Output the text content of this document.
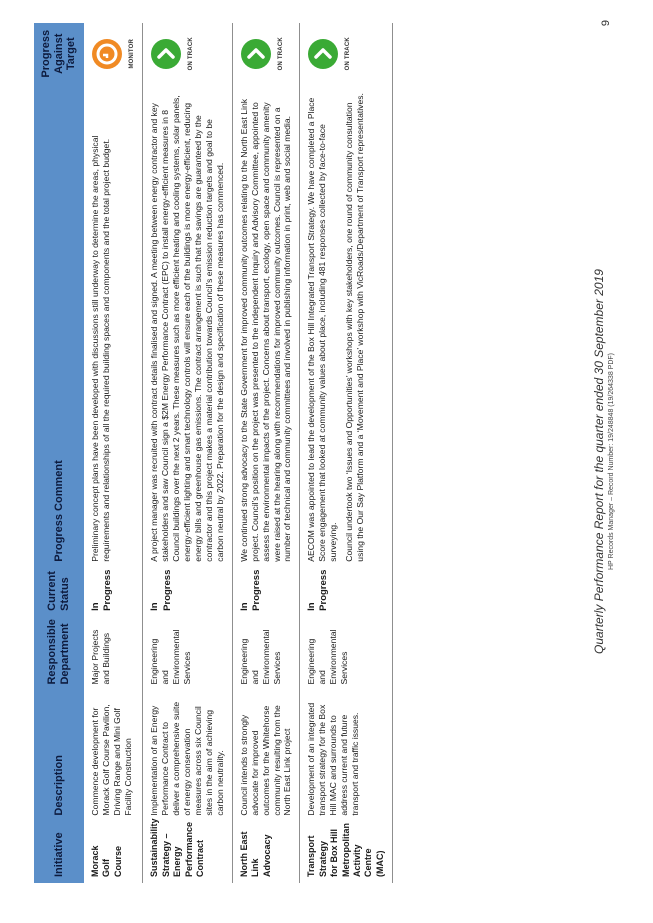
Initiative	Description	Responsible Department	Current Status	Progress Comment	Progress Against Target
Morack Golf Course	Commence development for Morack Golf Course Pavilion, Driving Range and Mini Golf Facility Construction	Major Projects and Buildings	In Progress	Preliminary concept plans have been developed with discussions still underway to determine the areas, physical requirements and relationships of all the required building spaces and components and the total project budget.	MONITOR

Sustainability Strategy – Energy Performance Contract	Implementation of an Energy Performance Contract to deliver a comprehensive suite of energy conservation measures across six Council sites in the aim of achieving carbon neutrality.	Engineering and Environmental Services	In Progress	A project manager was recruited with contract details finalised and signed. A meeting between energy contractor and key stakeholders and saw Council sign a $2M Energy Performance Contract (EPC) to install energy-efficient measures in 8 Council buildings over the next 2 years. These measures such as more efficient heating and cooling systems, solar panels, energy-efficient lighting and smart technology controls will ensure each of the buildings is more energy-efficient, reducing energy bills and greenhouse gas emissions. The contract arrangement is such that the savings are guaranteed by the contractor and this project makes a material contribution towards Council’s emission reduction targets and goal to be carbon neutral by 2022. Preparation for the design and specification of these measures has commenced.	ON TRACK

North East Link Advocacy	Council intends to strongly advocate for improved outcomes for the Whitehorse community resulting from the North East Link project	Engineering and Environmental Services	In Progress	We continued strong advocacy to the State Government for improved community outcomes relating to the North East Link project. Council’s position on the project was presented to the independent Inquiry and Advisory Committee, appointed to assess the environmental impacts of the project. Concerns about transport, ecology, open space and community amenity were raised at the hearing along with recommendations for improved community outcomes. Council is represented on a number of technical and community committees and involved in publishing information in print, web and social media.	ON TRACK

Transport Strategy for Box Hill Metropolitan Activity Centre (MAC)	Development of an integrated transport strategy for the Box Hill MAC and surrounds to address current and future transport and traffic issues.	Engineering and Environmental Services	In Progress	AECOM was appointed to lead the development of the Box Hill Integrated Transport Strategy. We have completed a Place Score engagement that looked at community values about place, including 481 responses collected by face-to-face surveying. Council undertook two ‘Issues and Opportunities’ workshops with key stakeholders, one round of community consultation using the Our Say Platform and a ‘Movement and Place’ workshop with VicRoads/Department of Transport representatives.	ON TRACK
Quarterly Performance Report for the quarter ended 30 September 2019 HP Records Manager – Record Number: 19/248848 (19/264338 PDF)
9
